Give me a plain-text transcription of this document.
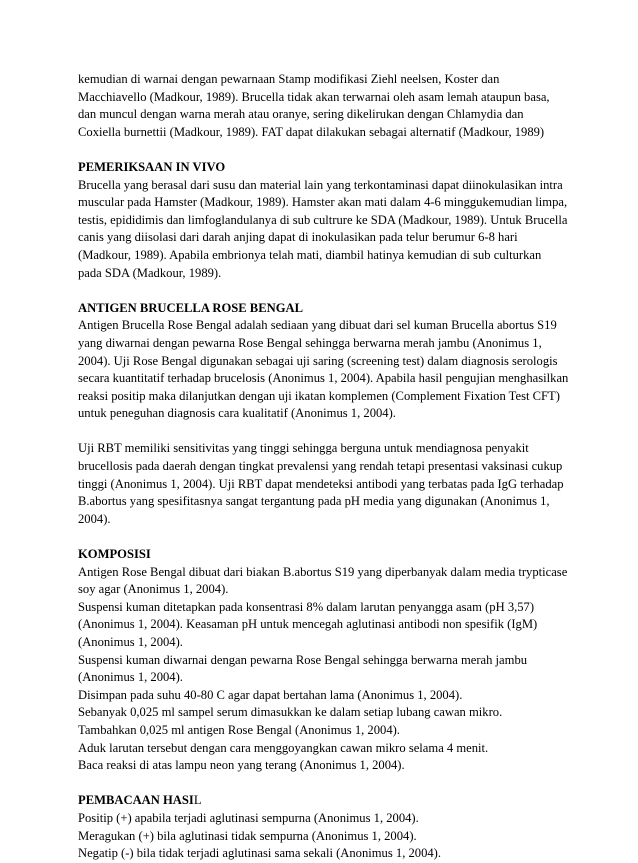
kemudian di warnai dengan pewarnaan Stamp modifikasi Ziehl neelsen, Koster dan
Macchiavello (Madkour, 1989). Brucella tidak akan terwarnai oleh asam lemah ataupun basa,
dan muncul dengan warna merah atau oranye, sering dikelirukan dengan Chlamydia dan
Coxiella burnettii (Madkour, 1989). FAT dapat dilakukan sebagai alternatif (Madkour, 1989)
PEMERIKSAAN IN VIVO
Brucella yang berasal dari susu dan material lain yang terkontaminasi dapat diinokulasikan intra
muscular pada Hamster (Madkour, 1989). Hamster akan mati dalam 4-6 minggukemudian limpa,
testis, epididimis dan limfoglandulanya di sub cultrure ke SDA (Madkour, 1989). Untuk Brucella
canis yang diisolasi dari darah anjing dapat di inokulasikan pada telur berumur 6-8 hari
(Madkour, 1989). Apabila embrionya telah mati, diambil hatinya kemudian di sub culturkan
pada SDA (Madkour, 1989).
ANTIGEN BRUCELLA ROSE BENGAL
Antigen Brucella Rose Bengal adalah sediaan yang dibuat dari sel kuman Brucella abortus S19
yang diwarnai dengan pewarna Rose Bengal sehingga berwarna merah jambu (Anonimus 1,
2004). Uji Rose Bengal digunakan sebagai uji saring (screening test) dalam diagnosis serologis
secara kuantitatif terhadap brucelosis (Anonimus 1, 2004). Apabila hasil pengujian menghasilkan
reaksi positip maka dilanjutkan dengan uji ikatan komplemen (Complement Fixation Test CFT)
untuk peneguhan diagnosis cara kualitatif (Anonimus 1, 2004).
Uji RBT memiliki sensitivitas yang tinggi sehingga berguna untuk mendiagnosa penyakit
brucellosis pada daerah dengan tingkat prevalensi yang rendah tetapi presentasi vaksinasi cukup
tinggi (Anonimus 1, 2004). Uji RBT dapat mendeteksi antibodi yang terbatas pada IgG terhadap
B.abortus yang spesifitasnya sangat tergantung pada pH media yang digunakan (Anonimus 1,
2004).
KOMPOSISI
Antigen Rose Bengal dibuat dari biakan B.abortus S19 yang diperbanyak dalam media trypticase
soy agar (Anonimus 1, 2004).
Suspensi kuman ditetapkan pada konsentrasi 8% dalam larutan penyangga asam (pH 3,57)
(Anonimus 1, 2004). Keasaman pH untuk mencegah aglutinasi antibodi non spesifik (IgM)
(Anonimus 1, 2004).
Suspensi kuman diwarnai dengan pewarna Rose Bengal sehingga berwarna merah jambu
(Anonimus 1, 2004).
Disimpan pada suhu 40-80 C agar dapat bertahan lama (Anonimus 1, 2004).
Sebanyak 0,025 ml sampel serum dimasukkan ke dalam setiap lubang cawan mikro.
Tambahkan 0,025 ml antigen Rose Bengal (Anonimus 1, 2004).
Aduk larutan tersebut dengan cara menggoyangkan cawan mikro selama 4 menit.
Baca reaksi di atas lampu neon yang terang (Anonimus 1, 2004).
PEMBACAAN HASIL
Positip (+) apabila terjadi aglutinasi sempurna (Anonimus 1, 2004).
Meragukan (+) bila aglutinasi tidak sempurna (Anonimus 1, 2004).
Negatip (-) bila tidak terjadi aglutinasi sama sekali (Anonimus 1, 2004).
